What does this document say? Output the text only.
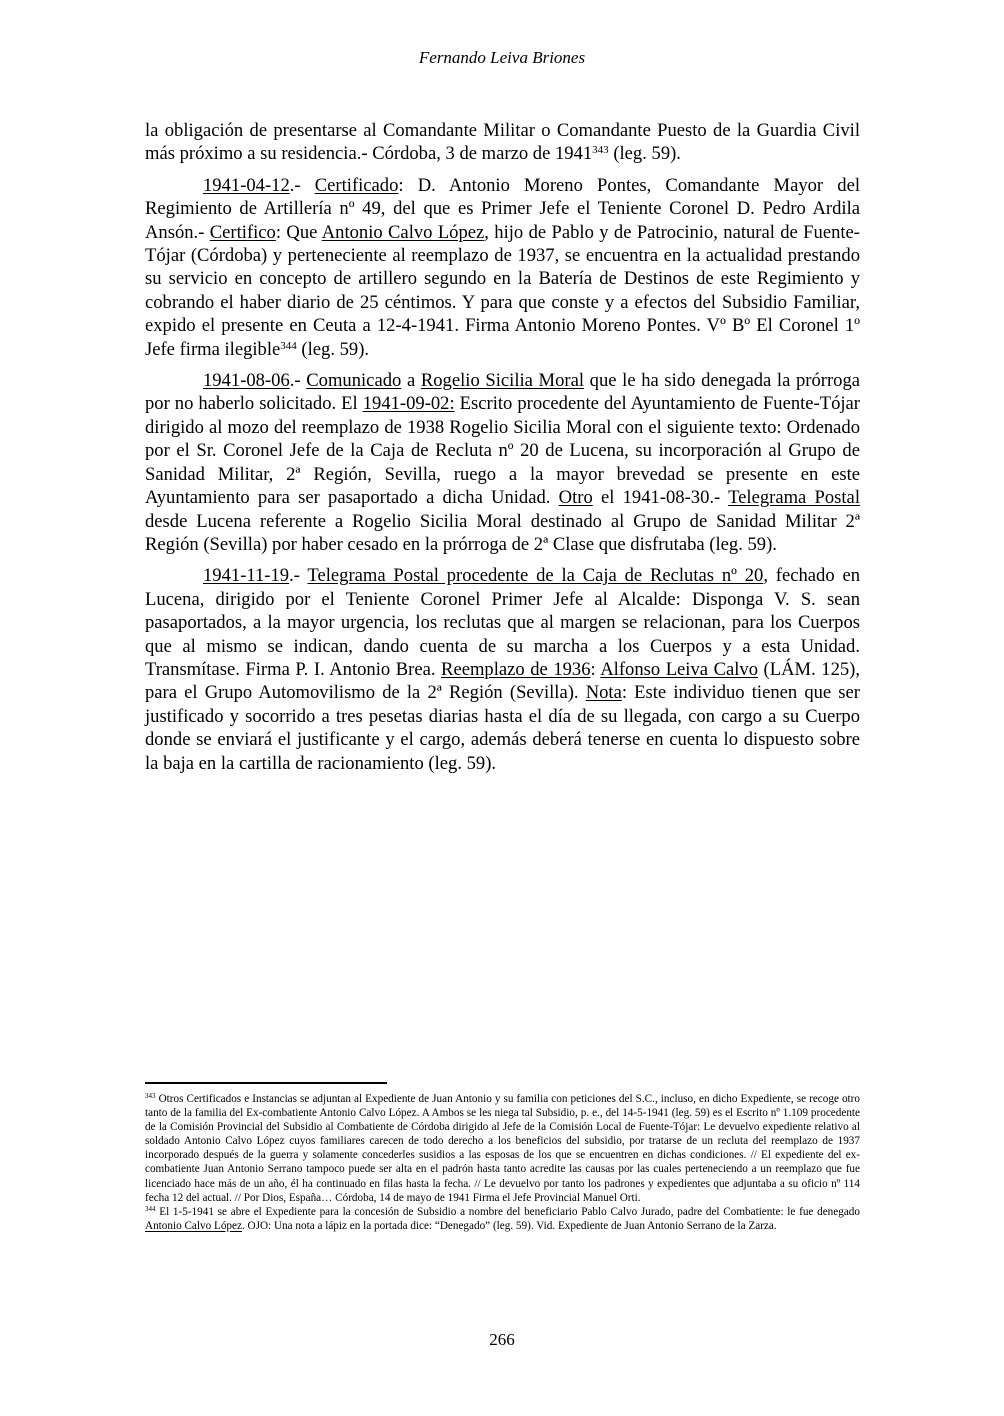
Fernando Leiva Briones

la obligación de presentarse al Comandante Militar o Comandante Puesto de la Guardia Civil más próximo a su residencia.- Córdoba, 3 de marzo de 1941$^{343}$ (leg. 59).

1941-04-12.- Certificado: D. Antonio Moreno Pontes, Comandante Mayor del Regimiento de Artillería nº 49, del que es Primer Jefe el Teniente Coronel D. Pedro Ardila Ansón.- Certifico: Que Antonio Calvo López, hijo de Pablo y de Patrocinio, natural de Fuente-Tójar (Córdoba) y perteneciente al reemplazo de 1937, se encuentra en la actualidad prestando su servicio en concepto de artillero segundo en la Batería de Destinos de este Regimiento y cobrando el haber diario de 25 céntimos. Y para que conste y a efectos del Subsidio Familiar, expido el presente en Ceuta a 12-4-1941. Firma Antonio Moreno Pontes. Vº Bº El Coronel 1º Jefe firma ilegible$^{344}$ (leg. 59).

1941-08-06.- Comunicado a Rogelio Sicilia Moral que le ha sido denegada la prórroga por no haberlo solicitado. El 1941-09-02: Escrito procedente del Ayuntamiento de Fuente-Tójar dirigido al mozo del reemplazo de 1938 Rogelio Sicilia Moral con el siguiente texto: Ordenado por el Sr. Coronel Jefe de la Caja de Recluta nº 20 de Lucena, su incorporación al Grupo de Sanidad Militar, 2ª Región, Sevilla, ruego a la mayor brevedad se presente en este Ayuntamiento para ser pasaportado a dicha Unidad. Otro el 1941-08-30.- Telegrama Postal desde Lucena referente a Rogelio Sicilia Moral destinado al Grupo de Sanidad Militar 2ª Región (Sevilla) por haber cesado en la prórroga de 2ª Clase que disfrutaba (leg. 59).

1941-11-19.- Telegrama Postal procedente de la Caja de Reclutas nº 20, fechado en Lucena, dirigido por el Teniente Coronel Primer Jefe al Alcalde: Disponga V. S. sean pasaportados, a la mayor urgencia, los reclutas que al margen se relacionan, para los Cuerpos que al mismo se indican, dando cuenta de su marcha a los Cuerpos y a esta Unidad. Transmítase. Firma P. I. Antonio Brea. Reemplazo de 1936: Alfonso Leiva Calvo (LÁM. 125), para el Grupo Automovilismo de la 2ª Región (Sevilla). Nota: Este individuo tienen que ser justificado y socorrido a tres pesetas diarias hasta el día de su llegada, con cargo a su Cuerpo donde se enviará el justificante y el cargo, además deberá tenerse en cuenta lo dispuesto sobre la baja en la cartilla de racionamiento (leg. 59).

$^{343}$ Otros Certificados e Instancias se adjuntan al Expediente de Juan Antonio y su familia con peticiones del S.C., incluso, en dicho Expediente, se recoge otro tanto de la familia del Ex-combatiente Antonio Calvo López. A Ambos se les niega tal Subsidio, p. e., del 14-5-1941 (leg. 59) es el Escrito nº 1.109 procedente de la Comisión Provincial del Subsidio al Combatiente de Córdoba dirigido al Jefe de la Comisión Local de Fuente-Tójar: Le devuelvo expediente relativo al soldado Antonio Calvo López cuyos familiares carecen de todo derecho a los beneficios del subsidio, por tratarse de un recluta del reemplazo de 1937 incorporado después de la guerra y solamente concederles susidios a las esposas de los que se encuentren en dichas condiciones. // El expediente del ex-combatiente Juan Antonio Serrano tampoco puede ser alta en el padrón hasta tanto acredite las causas por las cuales perteneciendo a un reemplazo que fue licenciado hace más de un año, él ha continuado en filas hasta la fecha. // Le devuelvo por tanto los padrones y expedientes que adjuntaba a su oficio nº 114 fecha 12 del actual. // Por Dios, España… Córdoba, 14 de mayo de 1941 Firma el Jefe Provincial Manuel Orti.

$^{344}$ El 1-5-1941 se abre el Expediente para la concesión de Subsidio a nombre del beneficiario Pablo Calvo Jurado, padre del Combatiente: le fue denegado Antonio Calvo López. OJO: Una nota a lápiz en la portada dice: “Denegado” (leg. 59). Vid. Expediente de Juan Antonio Serrano de la Zarza.

266
